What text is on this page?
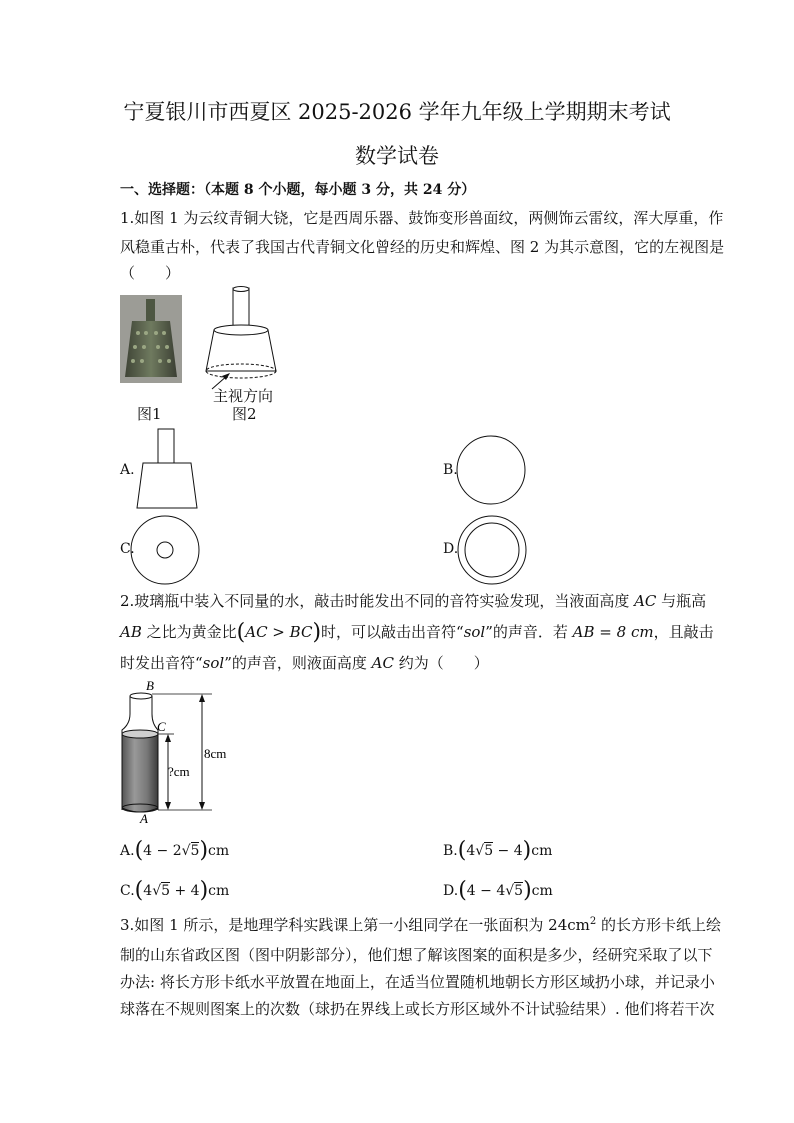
宁夏银川市西夏区 2025-2026 学年九年级上学期期末考试
数学试卷
一、选择题：（本题 8 个小题，每小题 3 分，共 24 分）
1.如图 1 为云纹青铜大铙，它是西周乐器、鼓饰变形兽面纹，两侧饰云雷纹，浑大厚重，作
风稳重古朴，代表了我国古代青铜文化曾经的历史和辉煌、图 2 为其示意图，它的左视图是
（　　）
图1
主视方向
图2
A.	B.
C.	D.
2.玻璃瓶中装入不同量的水，敲击时能发出不同的音符实验发现，当液面高度 AC 与瓶高
AB 之比为黄金比(AC > BC)时，可以敲击出音符“sol”的声音．若 AB = 8 cm，且敲击
时发出音符“sol”的声音，则液面高度 AC 约为（　　）
B
C
A
8cm
?cm
A.(4 − 2√5)cm	B.(4√5 − 4)cm
C.(4√5 + 4)cm	D.(4 − 4√5)cm
3.如图 1 所示，是地理学科实践课上第一小组同学在一张面积为 $24cm^2$ 的长方形卡纸上绘
制的山东省政区图（图中阴影部分），他们想了解该图案的面积是多少，经研究采取了以下
办法: 将长方形卡纸水平放置在地面上，在适当位置随机地朝长方形区域扔小球，并记录小
球落在不规则图案上的次数（球扔在界线上或长方形区域外不计试验结果）. 他们将若干次
